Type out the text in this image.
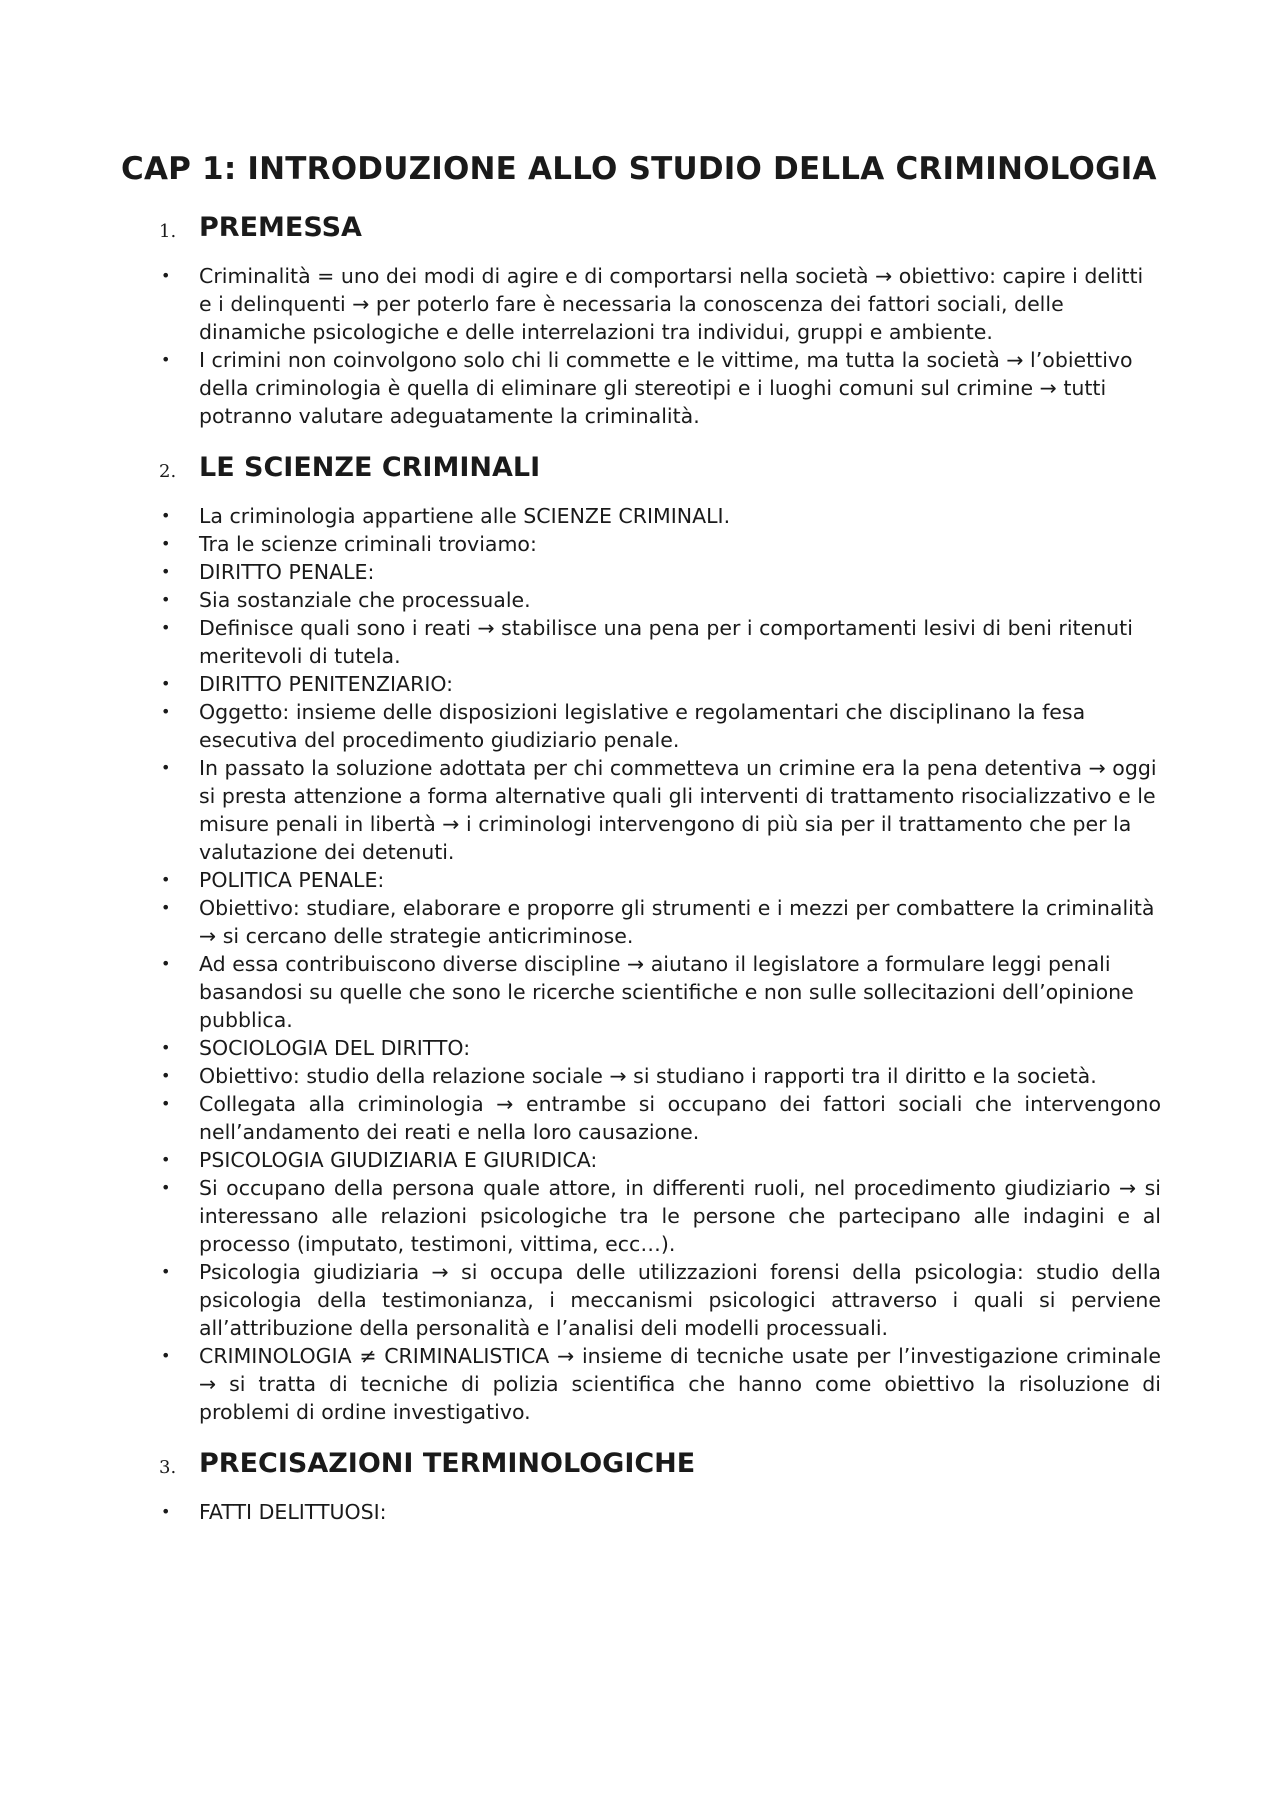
CAP 1: INTRODUZIONE ALLO STUDIO DELLA CRIMINOLOGIA
1. PREMESSA
• Criminalità = uno dei modi di agire e di comportarsi nella società → obiettivo: capire i delitti e i delinquenti → per poterlo fare è necessaria la conoscenza dei fattori sociali, delle dinamiche psicologiche e delle interrelazioni tra individui, gruppi e ambiente.
• I crimini non coinvolgono solo chi li commette e le vittime, ma tutta la società → l’obiettivo della criminologia è quella di eliminare gli stereotipi e i luoghi comuni sul crimine → tutti potranno valutare adeguatamente la criminalità.
2. LE SCIENZE CRIMINALI
• La criminologia appartiene alle SCIENZE CRIMINALI.
• Tra le scienze criminali troviamo:
• DIRITTO PENALE:
• Sia sostanziale che processuale.
• Definisce quali sono i reati → stabilisce una pena per i comportamenti lesivi di beni ritenuti meritevoli di tutela.
• DIRITTO PENITENZIARIO:
• Oggetto: insieme delle disposizioni legislative e regolamentari che disciplinano la fesa esecutiva del procedimento giudiziario penale.
• In passato la soluzione adottata per chi commetteva un crimine era la pena detentiva → oggi si presta attenzione a forma alternative quali gli interventi di trattamento risocializzativo e le misure penali in libertà → i criminologi intervengono di più sia per il trattamento che per la valutazione dei detenuti.
• POLITICA PENALE:
• Obiettivo: studiare, elaborare e proporre gli strumenti e i mezzi per combattere la criminalità → si cercano delle strategie anticriminose.
• Ad essa contribuiscono diverse discipline → aiutano il legislatore a formulare leggi penali basandosi su quelle che sono le ricerche scientifiche e non sulle sollecitazioni dell’opinione pubblica.
• SOCIOLOGIA DEL DIRITTO:
• Obiettivo: studio della relazione sociale → si studiano i rapporti tra il diritto e la società.
• Collegata alla criminologia → entrambe si occupano dei fattori sociali che intervengono nell’andamento dei reati e nella loro causazione.
• PSICOLOGIA GIUDIZIARIA E GIURIDICA:
• Si occupano della persona quale attore, in differenti ruoli, nel procedimento giudiziario → si interessano alle relazioni psicologiche tra le persone che partecipano alle indagini e al processo (imputato, testimoni, vittima, ecc…).
• Psicologia giudiziaria → si occupa delle utilizzazioni forensi della psicologia: studio della psicologia della testimonianza, i meccanismi psicologici attraverso i quali si perviene all’attribuzione della personalità e l’analisi deli modelli processuali.
• CRIMINOLOGIA ≠ CRIMINALISTICA → insieme di tecniche usate per l’investigazione criminale → si tratta di tecniche di polizia scientifica che hanno come obiettivo la risoluzione di problemi di ordine investigativo.
3. PRECISAZIONI TERMINOLOGICHE
• FATTI DELITTUOSI:
